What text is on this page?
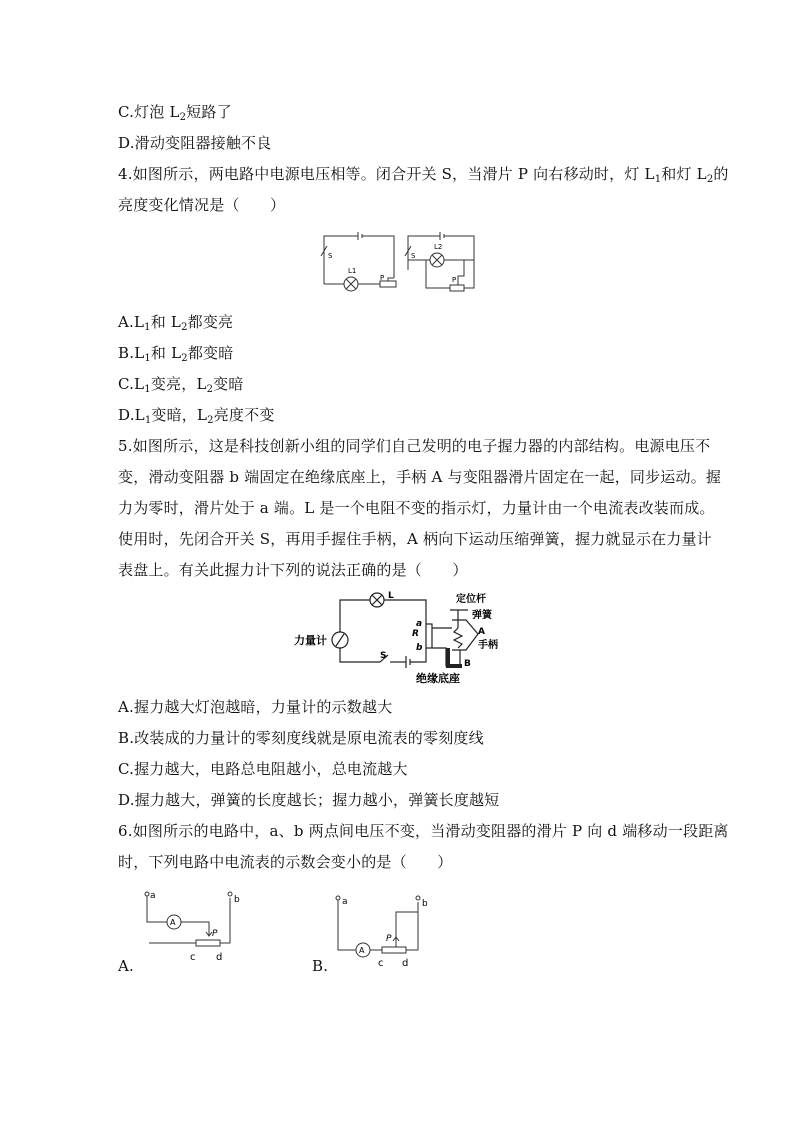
C.灯泡 $L_2$短路了
D.滑动变阻器接触不良
4.如图所示，两电路中电源电压相等。闭合开关 S，当滑片 P 向右移动时，灯 $L_1$和灯 $L_2$的
亮度变化情况是（　　）
S
L1
P
S
L2
P
$A.L_1$和 $L_2$都变亮
$B.L_1$和 $L_2$都变暗
$C.L_1$变亮，$L_2$变暗
$D.L_1$变暗，$L_2$亮度不变
5.如图所示，这是科技创新小组的同学们自己发明的电子握力器的内部结构。电源电压不
变，滑动变阻器 b 端固定在绝缘底座上，手柄 A 与变阻器滑片固定在一起，同步运动。握
力为零时，滑片处于 a 端。L 是一个电阻不变的指示灯，力量计由一个电流表改装而成。
使用时，先闭合开关 S，再用手握住手柄，A 柄向下运动压缩弹簧，握力就显示在力量计
表盘上。有关此握力计下列的说法正确的是（　　）
力量计
L
S
定位杆
弹簧
A
手柄
R
a
b
B
绝缘底座
A.握力越大灯泡越暗，力量计的示数越大
B.改装成的力量计的零刻度线就是原电流表的零刻度线
C.握力越大，电路总电阻越小，总电流越大
D.握力越大，弹簧的长度越长；握力越小，弹簧长度越短
6.如图所示的电路中，a、b 两点间电压不变，当滑动变阻器的滑片 P 向 d 端移动一段距离
时，下列电路中电流表的示数会变小的是（　　）
a	b
A
P
c d
A.
a	b
A
P
c d
B.
